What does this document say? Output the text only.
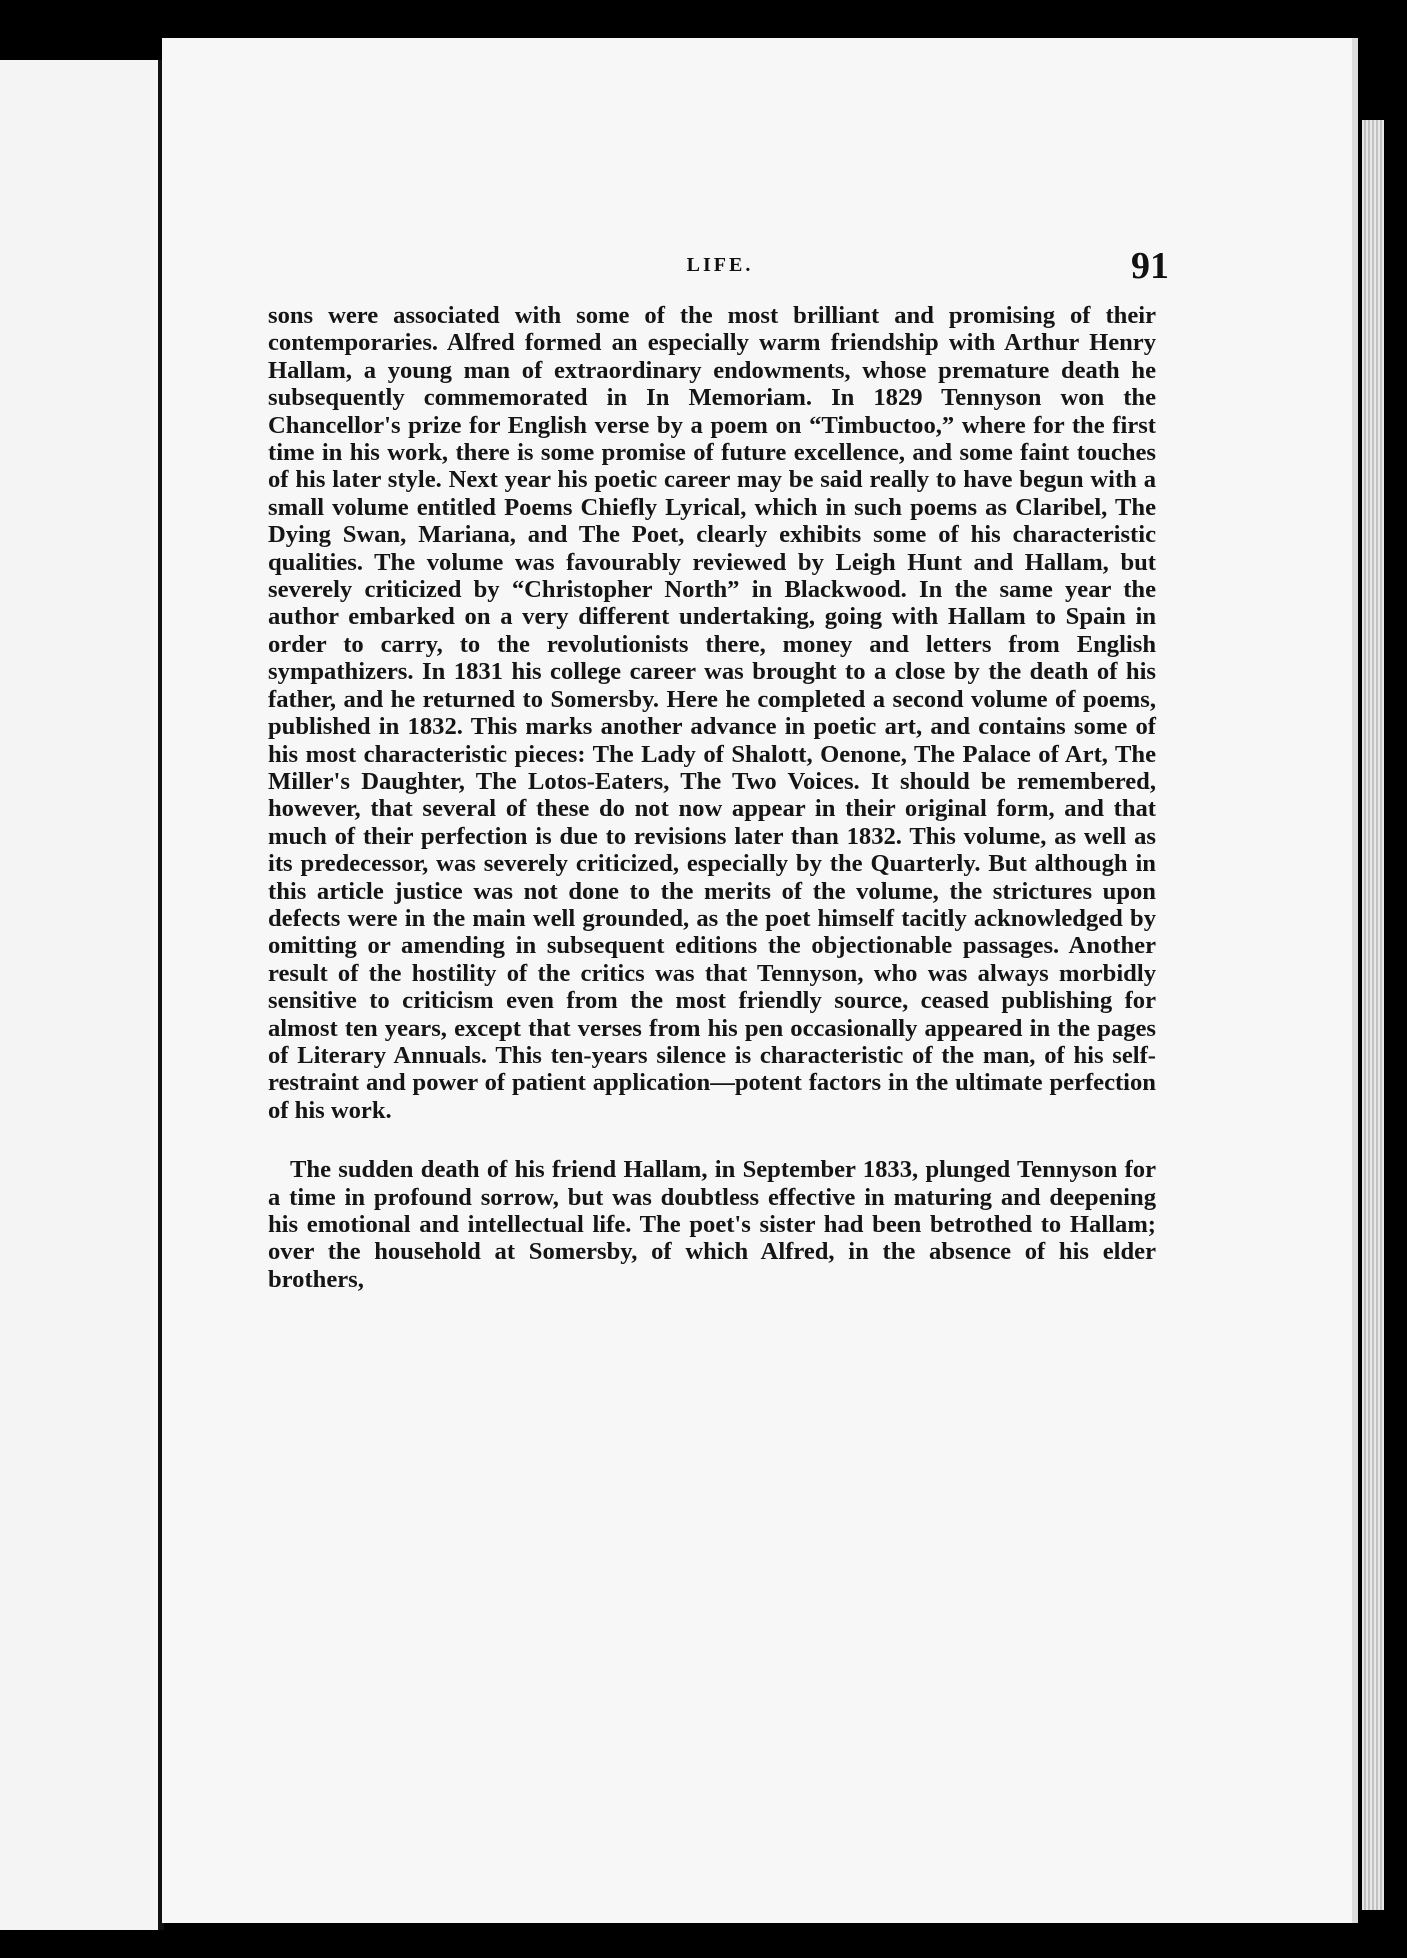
LIFE.	91

sons were associated with some of the most brilliant and promising of their contemporaries. Alfred formed an especially warm friendship with Arthur Henry Hallam, a young man of extraordinary endowments, whose premature death he subsequently commemorated in In Memoriam. In 1829 Tennyson won the Chancellor's prize for English verse by a poem on “Timbuctoo,” where for the first time in his work, there is some promise of future excellence, and some faint touches of his later style. Next year his poetic career may be said really to have begun with a small volume entitled Poems Chiefly Lyrical, which in such poems as Claribel, The Dying Swan, Mariana, and The Poet, clearly exhibits some of his characteristic qualities. The volume was favourably reviewed by Leigh Hunt and Hallam, but severely criticized by “Christopher North” in Blackwood. In the same year the author embarked on a very different undertaking, going with Hallam to Spain in order to carry, to the revolutionists there, money and letters from English sympathizers. In 1831 his college career was brought to a close by the death of his father, and he returned to Somersby. Here he completed a second volume of poems, published in 1832. This marks another advance in poetic art, and contains some of his most characteristic pieces: The Lady of Shalott, Oenone, The Palace of Art, The Miller's Daughter, The Lotos-Eaters, The Two Voices. It should be remembered, however, that several of these do not now appear in their original form, and that much of their perfection is due to revisions later than 1832. This volume, as well as its predecessor, was severely criticized, especially by the Quarterly. But although in this article justice was not done to the merits of the volume, the strictures upon defects were in the main well grounded, as the poet himself tacitly acknowledged by omitting or amending in subsequent editions the objectionable passages. Another result of the hostility of the critics was that Tennyson, who was always morbidly sensitive to criticism even from the most friendly source, ceased publishing for almost ten years, except that verses from his pen occasionally appeared in the pages of Literary Annuals. This ten-years silence is characteristic of the man, of his self-restraint and power of patient application—potent factors in the ultimate perfection of his work.

The sudden death of his friend Hallam, in September 1833, plunged Tennyson for a time in profound sorrow, but was doubtless effective in maturing and deepening his emotional and intellectual life. The poet's sister had been betrothed to Hallam; over the household at Somersby, of which Alfred, in the absence of his elder brothers,
